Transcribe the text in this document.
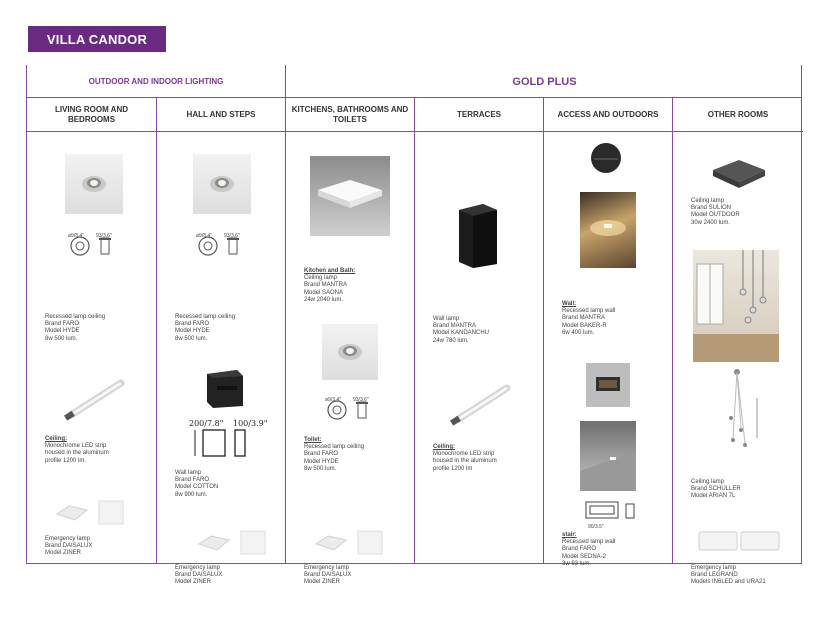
VILLA CANDOR
OUTDOOR AND INDOOR LIGHTING	GOLD PLUS
LIVING ROOM AND BEDROOMS
ø9/3.4" 93/3.6"
Recessed lamp ceiling
Brand FARO
Model HYDE
8w 500 lum.
Ceiling:
Monochrome LED strip
housed in the aluminum
profile 1200 lm.
Emergency lamp
Brand DAISALUX
Model ZINER
HALL AND STEPS
ø9/3.4" 93/3.6"
Recessed lamp ceiling
Brand FARO
Model HYDE
8w 500 lum.
200/7.8" 100/3.9"
Wall lamp
Brand FARO
Model COTTON
8w 900 lum.
Emergency lamp
Brand DAISALUX
Model ZINER
KITCHENS, BATHROOMS AND TOILETS
Kitchen and Bath:
Ceiling lamp
Brand MANTRA
Model SAONA
24w 2040 lum.
ø9/3.4" 93/3.6"
Toilet:
Recessed lamp ceiling
Brand FARO
Model HYDE
8w 500 lum.
Emergency lamp
Brand DAISALUX
Model ZINER
TERRACES
Wall lamp
Brand MANTRA
Model KANDANCHU
24w 780 lum.
Ceiling:
Monochrome LED strip
housed in the aluminum
profile 1200 lm
ACCESS AND OUTDOORS
Wall:
Recessed lamp wall
Brand MANTRA
Model BAKER-R
6w 400 lum.
90/3.5"
stair:
Recessed lamp wall
Brand FARO
Model SEDNA-2
3w 93 lum.
OTHER ROOMS
Ceiling lamp
Brand SULION
Model OUTDOOR
30w 2400 lum.
Ceiling lamp
Brand SCHULLER
Model ARIAN 7L
Emergency lamp
Brand LEGRAND
Models IN6LED and URA21
